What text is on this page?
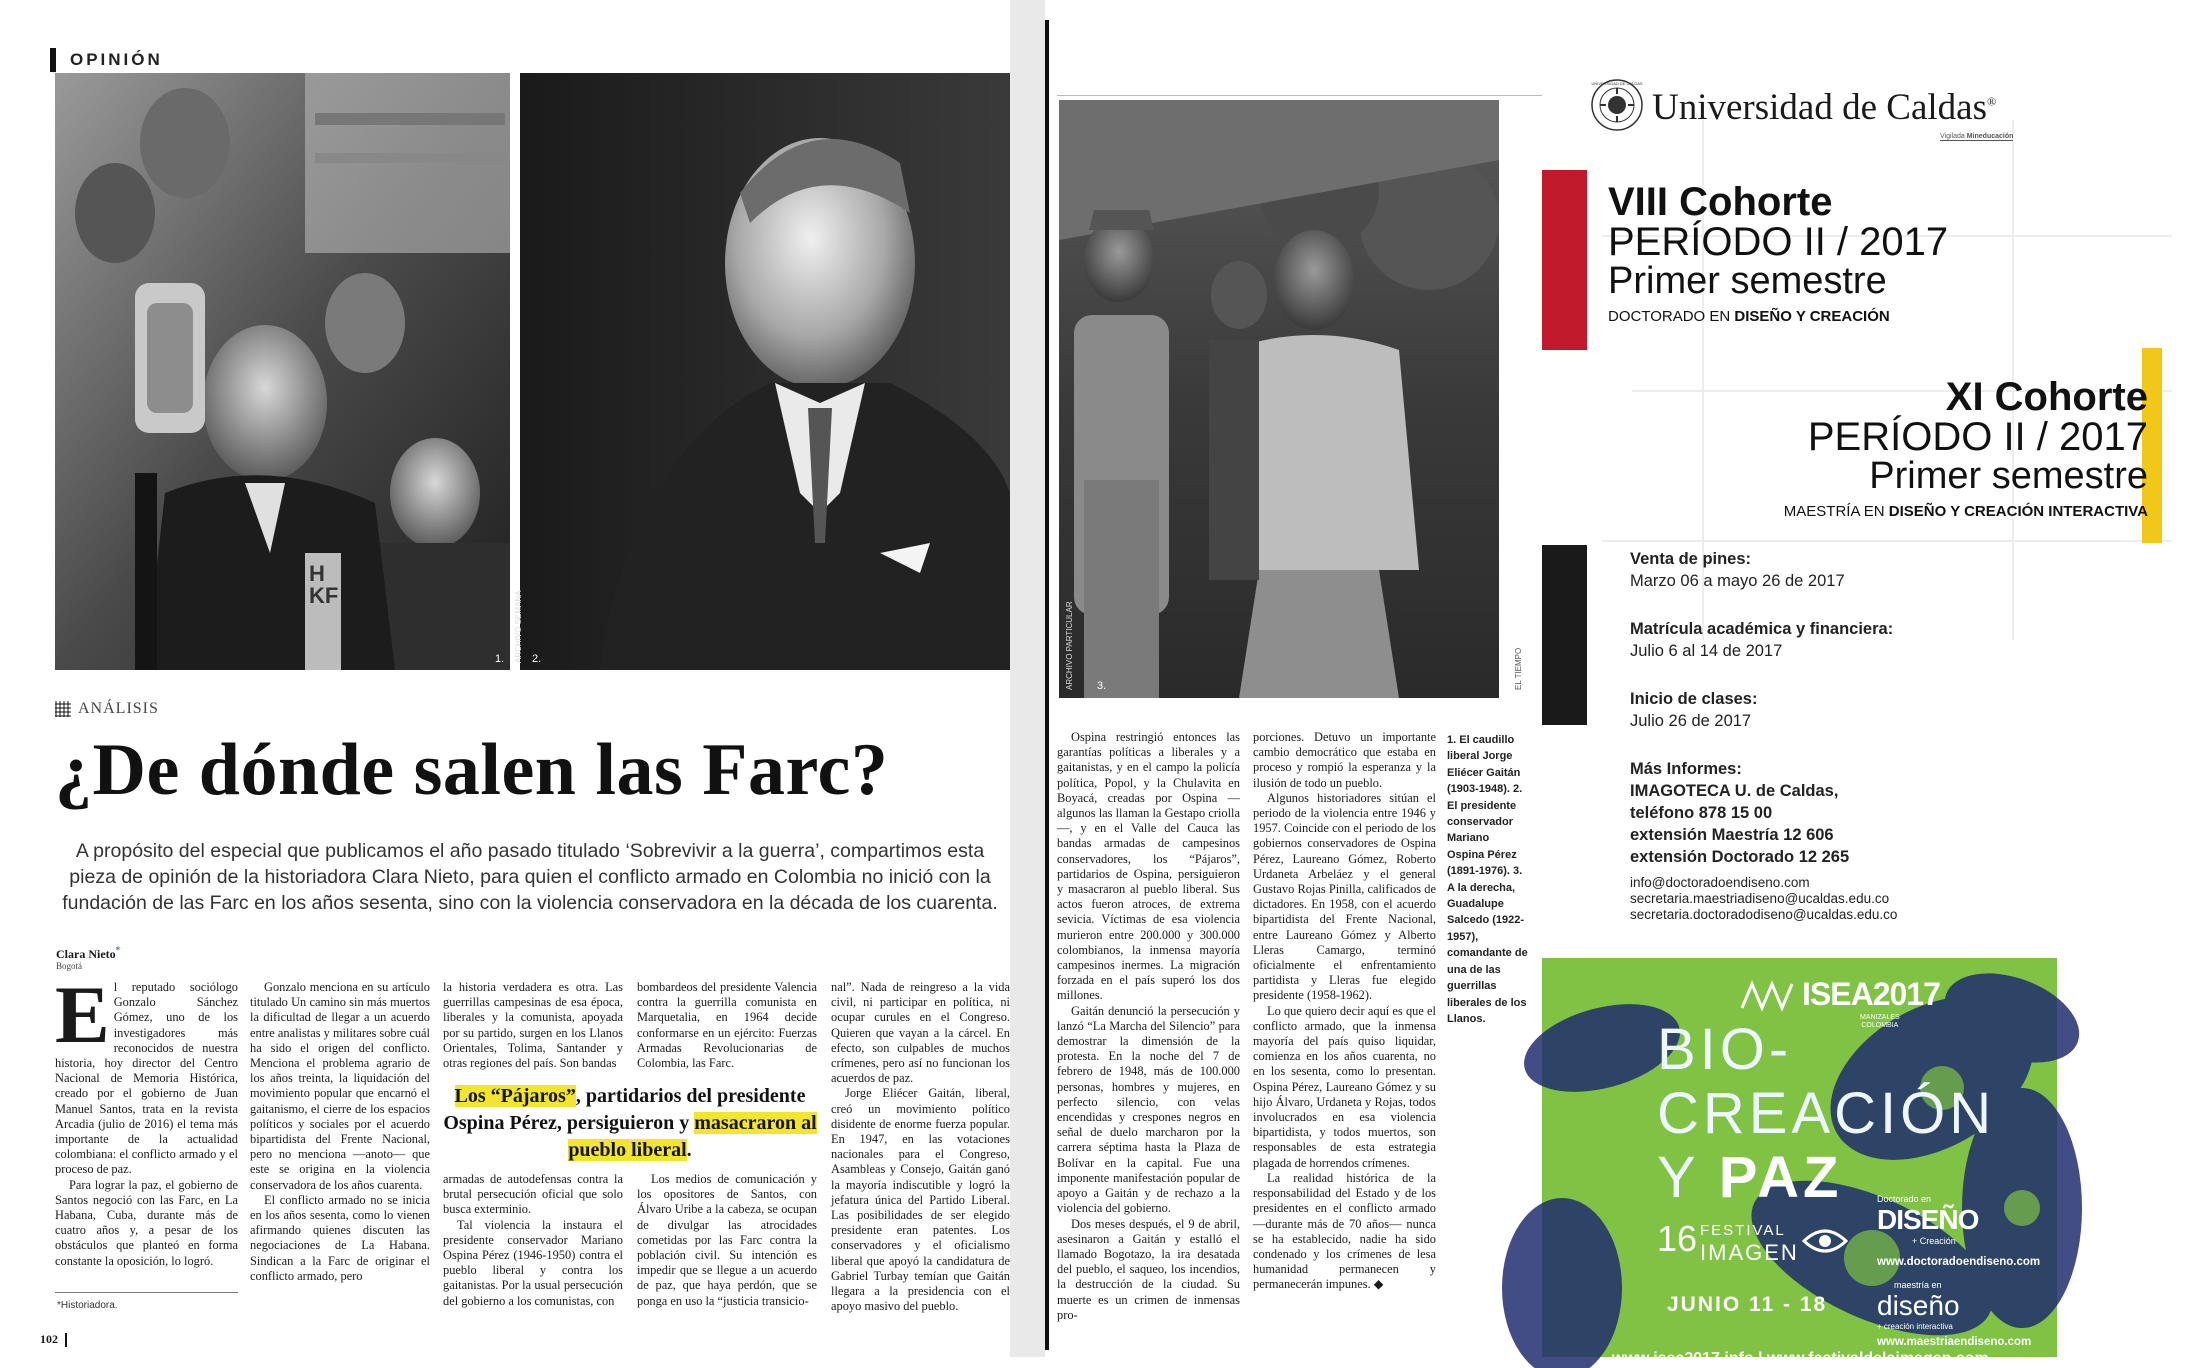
OPINIÓN
HKF
1.	2.
ARCHIVO SEMANA
ANÁLISIS
¿De dónde salen las Farc?
A propósito del especial que publicamos el año pasado titulado ‘Sobrevivir a la guerra’, compartimos esta pieza de opinión de la historiadora Clara Nieto, para quien el conflicto armado en Colombia no inició con la fundación de las Farc en los años sesenta, sino con la violencia conservadora en la década de los cuarenta.
Clara Nieto*
Bogotá
E l reputado sociólogo Gonzalo Sánchez Gómez, uno de los investigadores más reconocidos de nuestra historia, hoy director del Centro Nacional de Memoria Histórica, creado por el gobierno de Juan Manuel Santos, trata en la revista Arcadia (julio de 2016) el tema más importante de la actualidad colombiana: el conflicto armado y el proceso de paz.

Para lograr la paz, el gobierno de Santos negoció con las Farc, en La Habana, Cuba, durante más de cuatro años y, a pesar de los obstáculos que planteó en forma constante la oposición, lo logró.

*Historiadora.
102

Gonzalo menciona en su artículo titulado Un camino sin más muertos la dificultad de llegar a un acuerdo entre analistas y militares sobre cuál ha sido el origen del conflicto. Menciona el problema agrario de los años treinta, la liquidación del movimiento popular que encarnó el gaitanismo, el cierre de los espacios políticos y sociales por el acuerdo bipartidista del Frente Nacional, pero no menciona —anoto— que este se origina en la violencia conservadora de los años cuarenta.

El conflicto armado no se inicia en los años sesenta, como lo vienen afirmando quienes discuten las negociaciones de La Habana. Sindican a la Farc de originar el conflicto armado, pero

la historia verdadera es otra. Las guerrillas campesinas de esa época, liberales y la comunista, apoyada por su partido, surgen en los Llanos Orientales, Tolima, Santander y otras regiones del país. Son bandas

bombardeos del presidente Valencia contra la guerrilla comunista en Marquetalia, en 1964 decide conformarse en un ejército: Fuerzas Armadas Revolucionarias de Colombia, las Farc.

nal”. Nada de reingreso a la vida civil, ni participar en política, ni ocupar curules en el Congreso. Quieren que vayan a la cárcel. En efecto, son culpables de muchos crímenes, pero así no funcionan los acuerdos de paz.

Jorge Eliécer Gaitán, liberal, creó un movimiento político disidente de enorme fuerza popular. En 1947, en las votaciones nacionales para el Congreso, Asambleas y Consejo, Gaitán ganó la mayoría indiscutible y logró la jefatura única del Partido Liberal. Las posibilidades de ser elegido presidente eran patentes. Los conservadores y el oficialismo liberal que apoyó la candidatura de Gabriel Turbay temían que Gaitán llegara a la presidencia con el apoyo masivo del pueblo.

Los “Pájaros”, partidarios del presidente Ospina Pérez, persiguieron y masacraron al pueblo liberal.

armadas de autodefensas contra la brutal persecución oficial que solo busca exterminio.

Tal violencia la instaura el presidente conservador Mariano Ospina Pérez (1946-1950) contra el pueblo liberal y contra los gaitanistas. Por la usual persecución del gobierno a los comunistas, con

Los medios de comunicación y los opositores de Santos, con Álvaro Uribe a la cabeza, se ocupan de divulgar las atrocidades cometidas por las Farc contra la población civil. Su intención es impedir que se llegue a un acuerdo de paz, que haya perdón, que se ponga en uso la “justicia transicio-

3.
ARCHIVO PARTICULAR	EL TIEMPO

Ospina restringió entonces las garantías políticas a liberales y a gaitanistas, y en el campo la policía política, Popol, y la Chulavita en Boyacá, creadas por Ospina —algunos las llaman la Gestapo criolla—, y en el Valle del Cauca las bandas armadas de campesinos conservadores, los “Pájaros”, partidarios de Ospina, persiguieron y masacraron al pueblo liberal. Sus actos fueron atroces, de extrema sevicia. Víctimas de esa violencia murieron entre 200.000 y 300.000 colombianos, la inmensa mayoría campesinos inermes. La migración forzada en el país superó los dos millones.

Gaitán denunció la persecución y lanzó “La Marcha del Silencio” para demostrar la dimensión de la protesta. En la noche del 7 de febrero de 1948, más de 100.000 personas, hombres y mujeres, en perfecto silencio, con velas encendidas y crespones negros en señal de duelo marcharon por la carrera séptima hasta la Plaza de Bolívar en la capital. Fue una imponente manifestación popular de apoyo a Gaitán y de rechazo a la violencia del gobierno.

Dos meses después, el 9 de abril, asesinaron a Gaitán y estalló el llamado Bogotazo, la ira desatada del pueblo, el saqueo, los incendios, la destrucción de la ciudad. Su muerte es un crimen de inmensas pro-

porciones. Detuvo un importante cambio democrático que estaba en proceso y rompió la esperanza y la ilusión de todo un pueblo.

Algunos historiadores sitúan el periodo de la violencia entre 1946 y 1957. Coincide con el periodo de los gobiernos conservadores de Ospina Pérez, Laureano Gómez, Roberto Urdaneta Arbeláez y el general Gustavo Rojas Pinilla, calificados de dictadores. En 1958, con el acuerdo bipartidista del Frente Nacional, entre Laureano Gómez y Alberto Lleras Camargo, terminó oficialmente el enfrentamiento partidista y Lleras fue elegido presidente (1958-1962).

Lo que quiero decir aquí es que el conflicto armado, que la inmensa mayoría del país quiso liquidar, comienza en los años cuarenta, no en los sesenta, como lo presentan. Ospina Pérez, Laureano Gómez y su hijo Álvaro, Urdaneta y Rojas, todos involucrados en esa violencia bipartidista, y todos muertos, son responsables de esta estrategia plagada de horrendos crímenes.

La realidad histórica de la responsabilidad del Estado y de los presidentes en el conflicto armado —durante más de 70 años— nunca se ha establecido, nadie ha sido condenado y los crímenes de lesa humanidad permanecen y permanecerán impunes. ◆

1. El caudillo liberal Jorge Eliécer Gaitán (1903-1948). 2. El presidente conservador Mariano Ospina Pérez (1891-1976). 3. A la derecha, Guadalupe Salcedo (1922-1957), comandante de una de las guerrillas liberales de los Llanos.
UNIVERSIDAD DE CALDAS
Universidad de Caldas®
Vigilada Mineducación
VIII Cohorte
PERÍODO II / 2017
Primer semestre
DOCTORADO EN DISEÑO Y CREACIÓN
XI Cohorte
PERÍODO II / 2017
Primer semestre
MAESTRÍA EN DISEÑO Y CREACIÓN INTERACTIVA
Venta de pines:
Marzo 06 a mayo 26 de 2017
Matrícula académica y financiera:
Julio 6 al 14 de 2017
Inicio de clases:
Julio 26 de 2017
Más Informes:
IMAGOTECA U. de Caldas,
teléfono 878 15 00
extensión Maestría 12 606
extensión Doctorado 12 265
info@doctoradoendiseno.com
secretaria.maestriadiseno@ucaldas.edu.co
secretaria.doctoradodiseno@ucaldas.edu.co
ISEA2017
MANIZALES
COLOMBIA
BIO-
CREACIÓN
Y PAZ
16 FESTIVAL
IMAGEN
Doctorado en
DISEÑO
+ Creación
www.doctoradoendiseno.com
maestría en
diseño
+ creación interactiva
www.maestriaendiseno.com
JUNIO 11 - 18
www.isea2017.info | www.festivaldelaimagen.com
